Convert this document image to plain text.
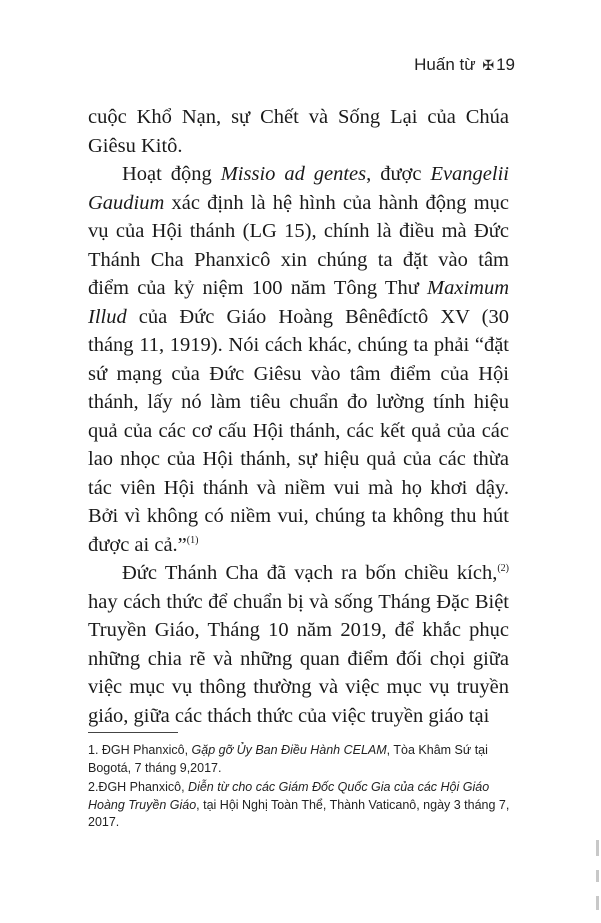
Huấn từ ✠ 19

cuộc Khổ Nạn, sự Chết và Sống Lại của Chúa Giêsu Kitô.

Hoạt động Missio ad gentes, được Evangelii Gaudium xác định là hệ hình của hành động mục vụ của Hội thánh (LG 15), chính là điều mà Đức Thánh Cha Phanxicô xin chúng ta đặt vào tâm điểm của kỷ niệm 100 năm Tông Thư Maximum Illud của Đức Giáo Hoàng Bênêđíctô XV (30 tháng 11, 1919). Nói cách khác, chúng ta phải “đặt sứ mạng của Đức Giêsu vào tâm điểm của Hội thánh, lấy nó làm tiêu chuẩn đo lường tính hiệu quả của các cơ cấu Hội thánh, các kết quả của các lao nhọc của Hội thánh, sự hiệu quả của các thừa tác viên Hội thánh và niềm vui mà họ khơi dậy. Bởi vì không có niềm vui, chúng ta không thu hút được ai cả.”$^{(1)}$

Đức Thánh Cha đã vạch ra bốn chiều kích,$^{(2)}$ hay cách thức để chuẩn bị và sống Tháng Đặc Biệt Truyền Giáo, Tháng 10 năm 2019, để khắc phục những chia rẽ và những quan điểm đối chọi giữa việc mục vụ thông thường và việc mục vụ truyền giáo, giữa các thách thức của việc truyền giáo tại

1. ĐGH Phanxicô, Gặp gỡ Ủy Ban Điều Hành CELAM, Tòa Khâm Sứ tại Bogotá, 7 tháng 9,2017.

2.ĐGH Phanxicô, Diễn từ cho các Giám Đốc Quốc Gia của các Hội Giáo Hoàng Truyền Giáo, tại Hội Nghị Toàn Thể, Thành Vaticanô, ngày 3 tháng 7, 2017.
